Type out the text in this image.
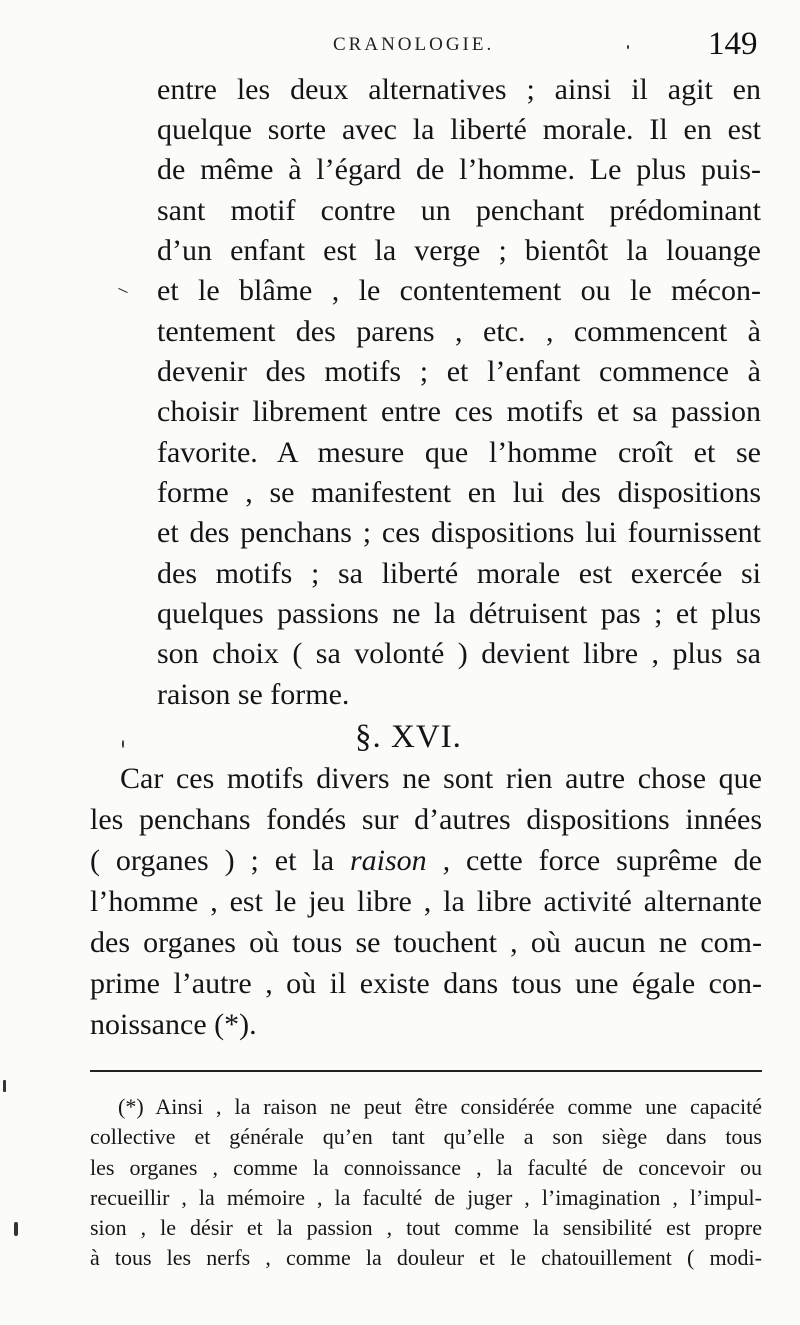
CRANOLOGIE.	149
entre les deux alternatives ; ainsi il agit en
quelque sorte avec la liberté morale. Il en est
de même à l’égard de l’homme. Le plus puis-
sant motif contre un penchant prédominant
d’un enfant est la verge ; bientôt la louange
et le blâme , le contentement ou le mécon-
tentement des parens , etc. , commencent à
devenir des motifs ; et l’enfant commence à
choisir librement entre ces motifs et sa passion
favorite. A mesure que l’homme croît et se
forme , se manifestent en lui des dispositions
et des penchans ; ces dispositions lui fournissent
des motifs ; sa liberté morale est exercée si
quelques passions ne la détruisent pas ; et plus
son choix ( sa volonté ) devient libre , plus sa
raison se forme.
§. XVI.
Car ces motifs divers ne sont rien autre chose que
les penchans fondés sur d’autres dispositions innées
( organes ) ; et la raison , cette force suprême de
l’homme , est le jeu libre , la libre activité alternante
des organes où tous se touchent , où aucun ne com-
prime l’autre , où il existe dans tous une égale con-
noissance (*).
(*) Ainsi , la raison ne peut être considérée comme une capacité
collective et générale qu’en tant qu’elle a son siège dans tous
les organes , comme la connoissance , la faculté de concevoir ou
recueillir , la mémoire , la faculté de juger , l’imagination , l’impul-
sion , le désir et la passion , tout comme la sensibilité est propre
à tous les nerfs , comme la douleur et le chatouillement ( modi-
